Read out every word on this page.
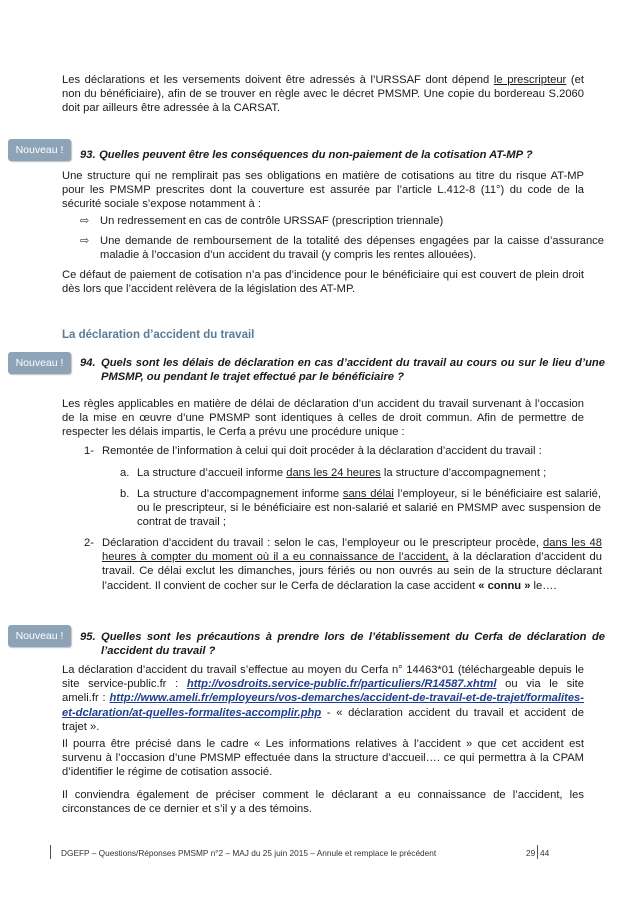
Les déclarations et les versements doivent être adressés à l’URSSAF dont dépend le prescripteur (et non du bénéficiaire), afin de se trouver en règle avec le décret PMSMP. Une copie du bordereau S.2060 doit par ailleurs être adressée à la CARSAT.
Nouveau !	93. Quelles peuvent être les conséquences du non-paiement de la cotisation AT-MP ?
Une structure qui ne remplirait pas ses obligations en matière de cotisations au titre du risque AT-MP pour les PMSMP prescrites dont la couverture est assurée par l’article L.412-8 (11°) du code de la sécurité sociale s’expose notamment à :
⇨ Un redressement en cas de contrôle URSSAF (prescription triennale)
⇨ Une demande de remboursement de la totalité des dépenses engagées par la caisse d’assurance maladie à l’occasion d’un accident du travail (y compris les rentes allouées).
Ce défaut de paiement de cotisation n’a pas d’incidence pour le bénéficiaire qui est couvert de plein droit dès lors que l’accident relèvera de la législation des AT-MP.
La déclaration d’accident du travail
Nouveau !	94. Quels sont les délais de déclaration en cas d’accident du travail au cours ou sur le lieu d’une PMSMP, ou pendant le trajet effectué par le bénéficiaire ?
Les règles applicables en matière de délai de déclaration d’un accident du travail survenant à l’occasion de la mise en œuvre d’une PMSMP sont identiques à celles de droit commun. Afin de permettre de respecter les délais impartis, le Cerfa a prévu une procédure unique :
1- Remontée de l’information à celui qui doit procéder à la déclaration d’accident du travail :
a. La structure d’accueil informe dans les 24 heures la structure d’accompagnement ;
b. La structure d’accompagnement informe sans délai l’employeur, si le bénéficiaire est salarié, ou le prescripteur, si le bénéficiaire est non-salarié et salarié en PMSMP avec suspension de contrat de travail ;
2- Déclaration d’accident du travail : selon le cas, l’employeur ou le prescripteur procède, dans les 48 heures à compter du moment où il a eu connaissance de l’accident, à la déclaration d’accident du travail. Ce délai exclut les dimanches, jours fériés ou non ouvrés au sein de la structure déclarant l’accident. Il convient de cocher sur le Cerfa de déclaration la case accident « connu » le….
Nouveau !	95. Quelles sont les précautions à prendre lors de l’établissement du Cerfa de déclaration de l’accident du travail ?
La déclaration d’accident du travail s’effectue au moyen du Cerfa n° 14463*01 (téléchargeable depuis le site service-public.fr : http://vosdroits.service-public.fr/particuliers/R14587.xhtml ou via le site ameli.fr : http://www.ameli.fr/employeurs/vos-demarches/accident-de-travail-et-de-trajet/formalites-et-dclaration/at-quelles-formalites-accomplir.php - « déclaration accident du travail et accident de trajet ».
Il pourra être précisé dans le cadre « Les informations relatives à l’accident » que cet accident est survenu à l’occasion d’une PMSMP effectuée dans la structure d’accueil…. ce qui permettra à la CPAM d’identifier le régime de cotisation associé.
Il conviendra également de préciser comment le déclarant a eu connaissance de l’accident, les circonstances de ce dernier et s’il y a des témoins.
DGEFP – Questions/Réponses PMSMP n°2 – MAJ du 25 juin 2015 – Annule et remplace le précédent	29 44
